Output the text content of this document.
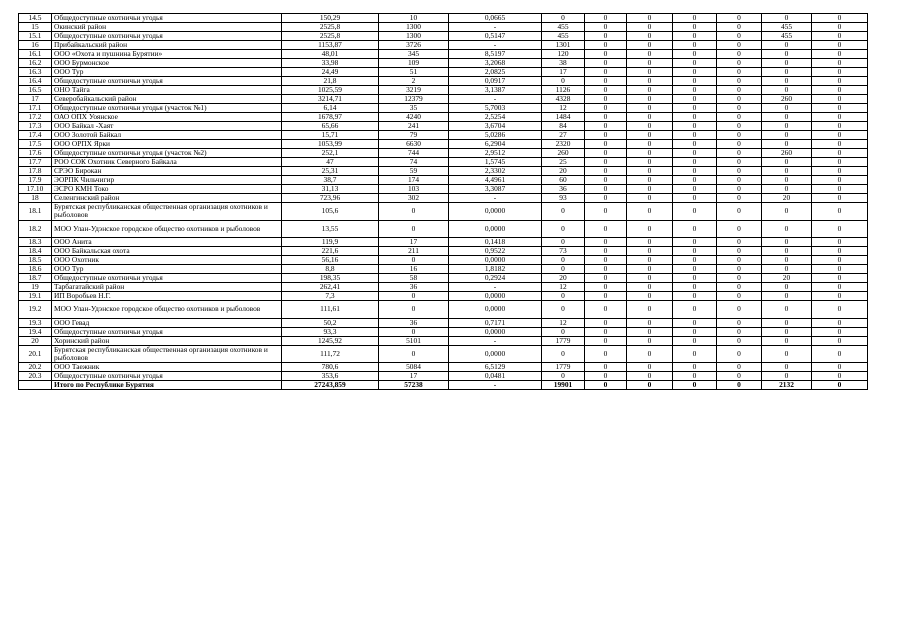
14.5	Общедоступные охотничьи угодья	150,29	10	0,0665	0	0	0	0	0	0	0
15	Окинский район	2525,8	1300	-	455	0	0	0	0	455	0
15.1	Общедоступные охотничьи угодья	2525,8	1300	0,5147	455	0	0	0	0	455	0
16	Прибайкальский район	1153,87	3726	-	1301	0	0	0	0	0	0
16.1	ООО «Охота и пушнина Бурятии»	48,01	345	8,5197	120	0	0	0	0	0	0
16.2	ООО Бурмонское	33,98	109	3,2068	38	0	0	0	0	0	0
16.3	ООО Тур	24,49	51	2,0825	17	0	0	0	0	0	0
16.4	Общедоступные охотничьи угодья	21,8	2	0,0917	0	0	0	0	0	0	0
16.5	ОНО Тайга	1025,59	3219	3,1387	1126	0	0	0	0	0	0
17	Северобайкальский район	3214,71	12379	-	4328	0	0	0	0	260	0
17.1	Общедоступные охотничьи угодья (участок №1)	6,14	35	5,7003	12	0	0	0	0	0	0
17.2	ОАО ОПХ Уоянское	1678,97	4240	2,5254	1484	0	0	0	0	0	0
17.3	ООО Байкал -Хаят	65,66	241	3,6704	84	0	0	0	0	0	0
17.4	ООО Золотой Байкал	15,71	79	5,0286	27	0	0	0	0	0	0
17.5	ООО ОРПХ Ярки	1053,99	6630	6,2904	2320	0	0	0	0	0	0
17.6	Общедоступные охотничьи угодья (участок №2)	252,1	744	2,9512	260	0	0	0	0	260	0
17.7	РОО СОК Охотник Северного Байкала	47	74	1,5745	25	0	0	0	0	0	0
17.8	СРЭО Бирокан	25,31	59	2,3302	20	0	0	0	0	0	0
17.9	ЭОРПК Чильчигир	38,7	174	4,4961	60	0	0	0	0	0	0
17.10	ЭСРО КМН Токо	31,13	103	3,3087	36	0	0	0	0	0	0
18	Селенгинский район	723,96	302	-	93	0	0	0	0	20	0
18.1	Бурятская республиканская общественная организация охотников и рыболовов	105,6	0	0,0000	0	0	0	0	0	0	0
18.2	МОО Улан-Удэнское городское общество охотников и рыболовов	13,55	0	0,0000	0	0	0	0	0	0	0
18.3	ООО Анита	119,9	17	0,1418	0	0	0	0	0	0	0
18.4	ООО Байкальская охота	221,6	211	0,9522	73	0	0	0	0	0	0
18.5	ООО Охотник	56,16	0	0,0000	0	0	0	0	0	0	0
18.6	ООО Тур	8,8	16	1,8182	0	0	0	0	0	0	0
18.7	Общедоступные охотничьи угодья	198,35	58	0,2924	20	0	0	0	0	20	0
19	Тарбагатайский район	262,41	36	-	12	0	0	0	0	0	0
19.1	ИП Воробьев Н.Г.	7,3	0	0,0000	0	0	0	0	0	0	0
19.2	МОО Улан-Удэнское городское общество охотников и рыболовов	111,61	0	0,0000	0	0	0	0	0	0	0
19.3	ООО Гевад	50,2	36	0,7171	12	0	0	0	0	0	0
19.4	Общедоступные охотничьи угодья	93,3	0	0,0000	0	0	0	0	0	0	0
20	Хоринский район	1245,92	5101	-	1779	0	0	0	0	0	0
20.1	Бурятская республиканская общественная организация охотников и рыболовов	111,72	0	0,0000	0	0	0	0	0	0	0
20.2	ООО Таежник	780,6	5084	6,5129	1779	0	0	0	0	0	0
20.3	Общедоступные охотничьи угодья	353,6	17	0,0481	0	0	0	0	0	0	0
	Итого по Республике Бурятия	27243,859	57238	-	19901	0	0	0	0	2132	0
